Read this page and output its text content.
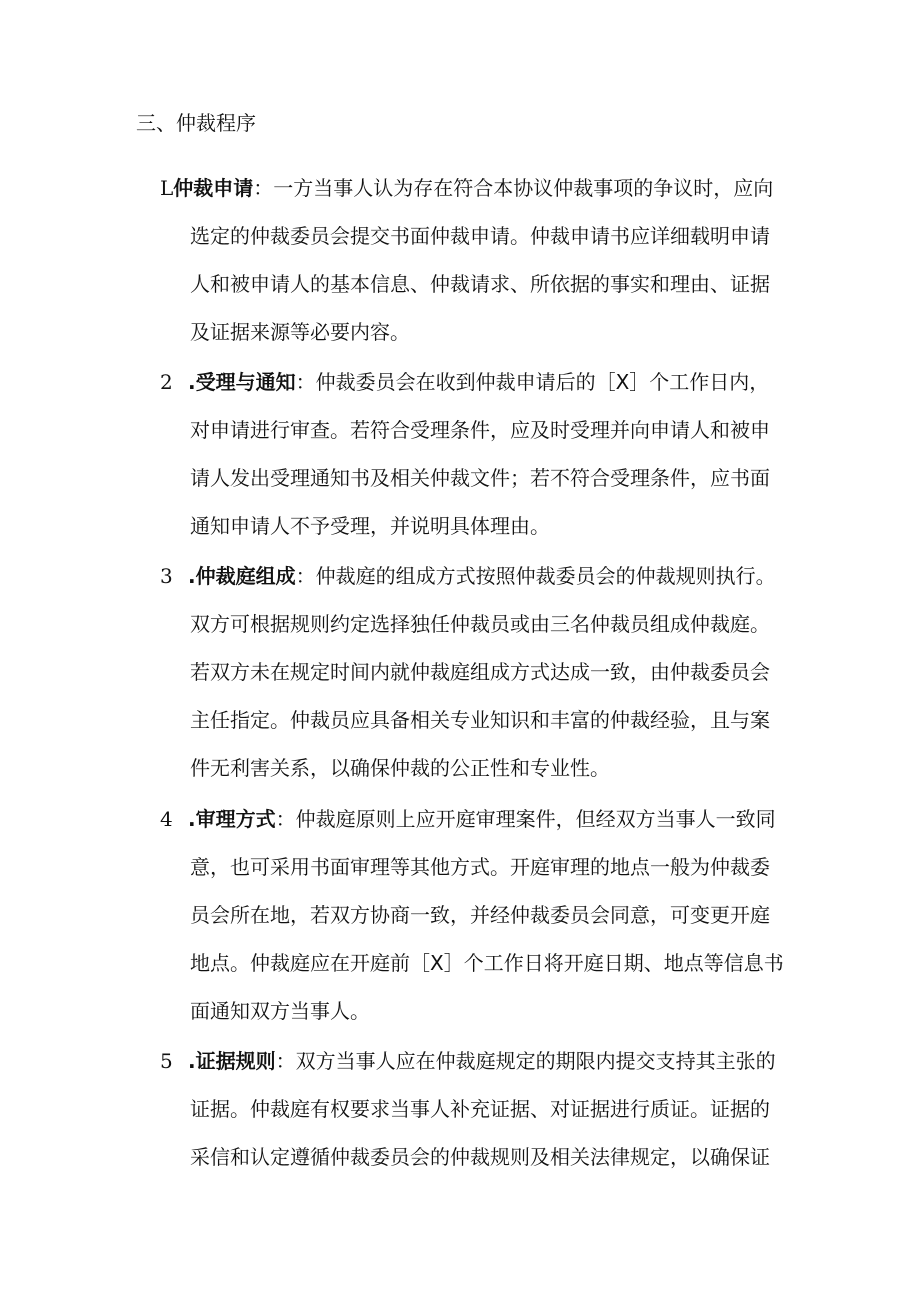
三、仲裁程序
L仲裁申请：一方当事人认为存在符合本协议仲裁事项的争议时，应向
选定的仲裁委员会提交书面仲裁申请。仲裁申请书应详细载明申请
人和被申请人的基本信息、仲裁请求、所依据的事实和理由、证据
及证据来源等必要内容。
2 .受理与通知：仲裁委员会在收到仲裁申请后的［X］个工作日内，
对申请进行审查。若符合受理条件，应及时受理并向申请人和被申
请人发出受理通知书及相关仲裁文件；若不符合受理条件，应书面
通知申请人不予受理，并说明具体理由。
3 .仲裁庭组成：仲裁庭的组成方式按照仲裁委员会的仲裁规则执行。
双方可根据规则约定选择独任仲裁员或由三名仲裁员组成仲裁庭。
若双方未在规定时间内就仲裁庭组成方式达成一致，由仲裁委员会
主任指定。仲裁员应具备相关专业知识和丰富的仲裁经验，且与案
件无利害关系，以确保仲裁的公正性和专业性。
4 .审理方式：仲裁庭原则上应开庭审理案件，但经双方当事人一致同
意，也可采用书面审理等其他方式。开庭审理的地点一般为仲裁委
员会所在地，若双方协商一致，并经仲裁委员会同意，可变更开庭
地点。仲裁庭应在开庭前［X］个工作日将开庭日期、地点等信息书
面通知双方当事人。
5 .证据规则：双方当事人应在仲裁庭规定的期限内提交支持其主张的
证据。仲裁庭有权要求当事人补充证据、对证据进行质证。证据的
采信和认定遵循仲裁委员会的仲裁规则及相关法律规定，以确保证
